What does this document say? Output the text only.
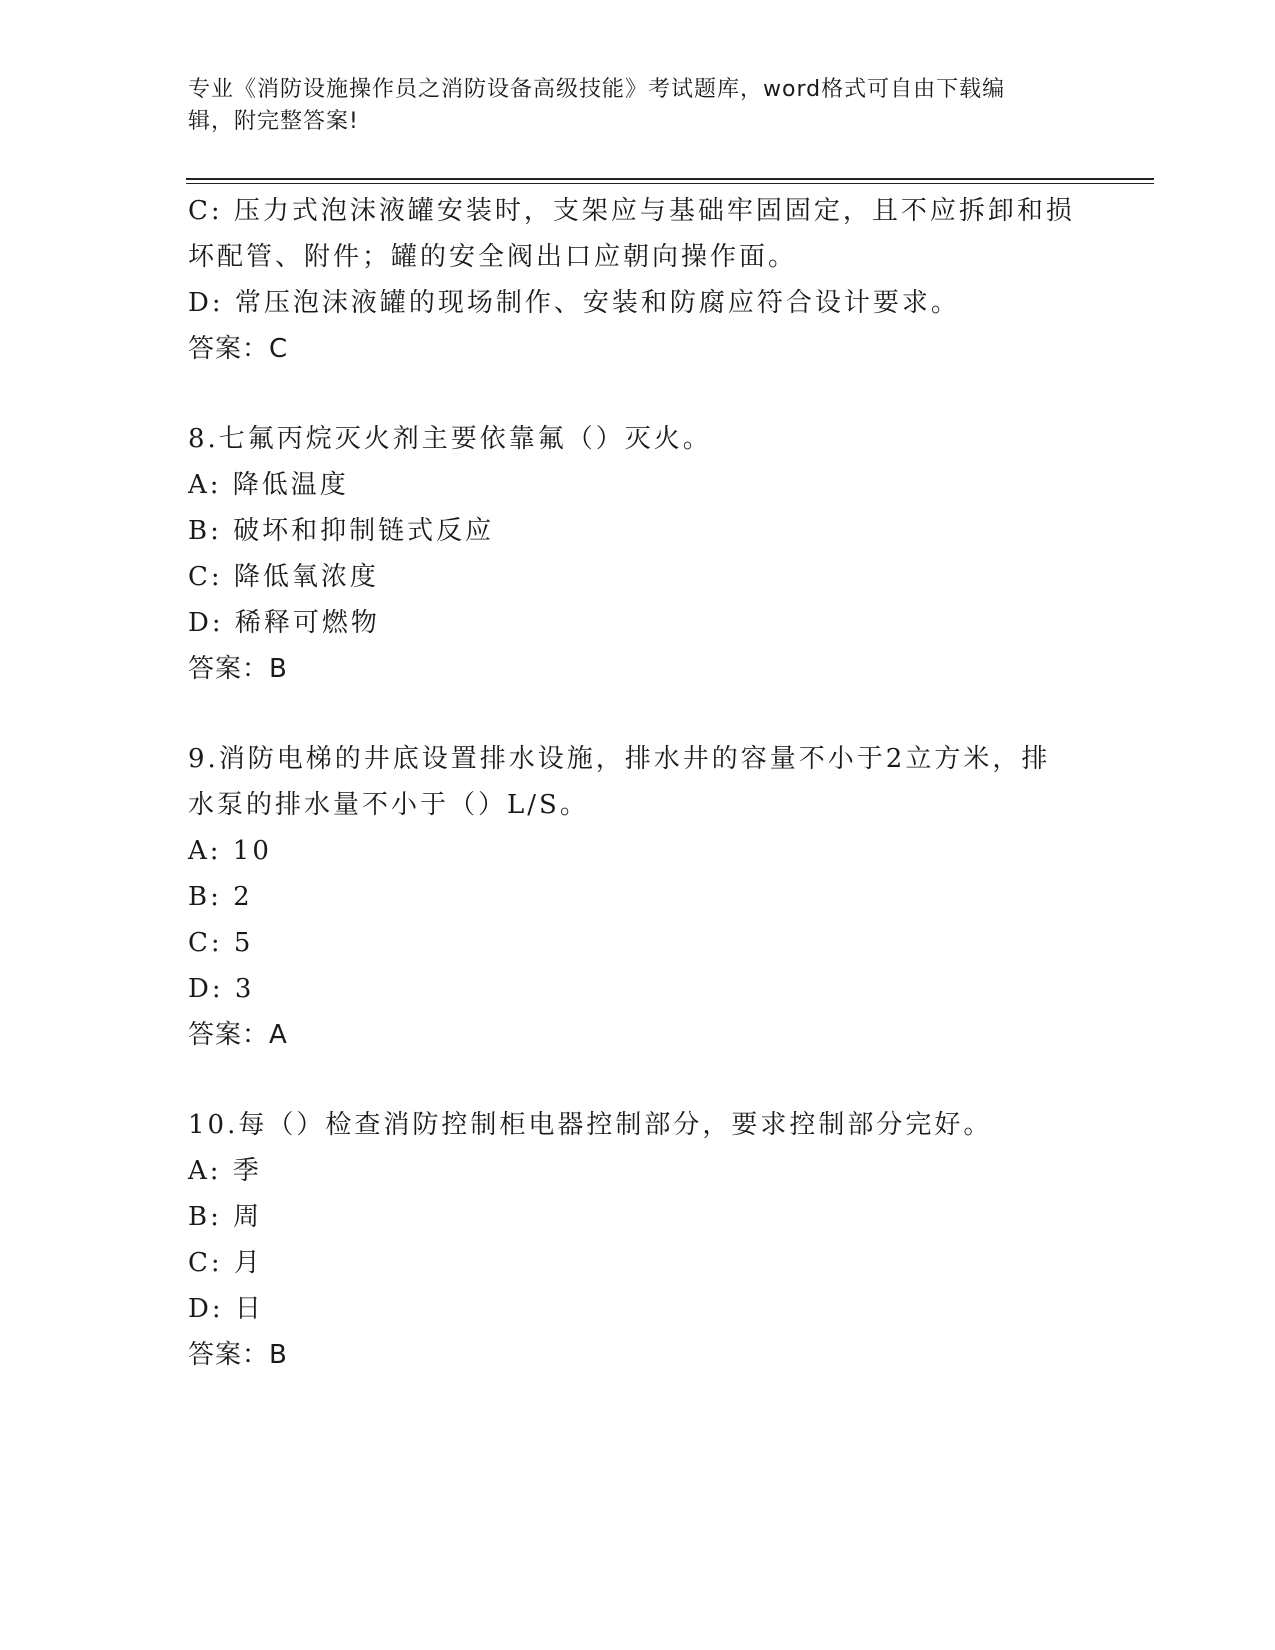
专业《消防设施操作员之消防设备高级技能》考试题库，word格式可自由下载编
辑，附完整答案!
C: 压力式泡沫液罐安装时，支架应与基础牢固固定，且不应拆卸和损
坏配管、附件；罐的安全阀出口应朝向操作面。
D: 常压泡沫液罐的现场制作、安装和防腐应符合设计要求。
答案：C
8.七氟丙烷灭火剂主要依靠氟（）灭火。
A: 降低温度
B: 破坏和抑制链式反应
C: 降低氧浓度
D: 稀释可燃物
答案：B
9.消防电梯的井底设置排水设施，排水井的容量不小于2立方米，排
水泵的排水量不小于（）L/S。
A: 10
B: 2
C: 5
D: 3
答案：A
10.每（）检查消防控制柜电器控制部分，要求控制部分完好。
A: 季
B: 周
C: 月
D: 日
答案：B
